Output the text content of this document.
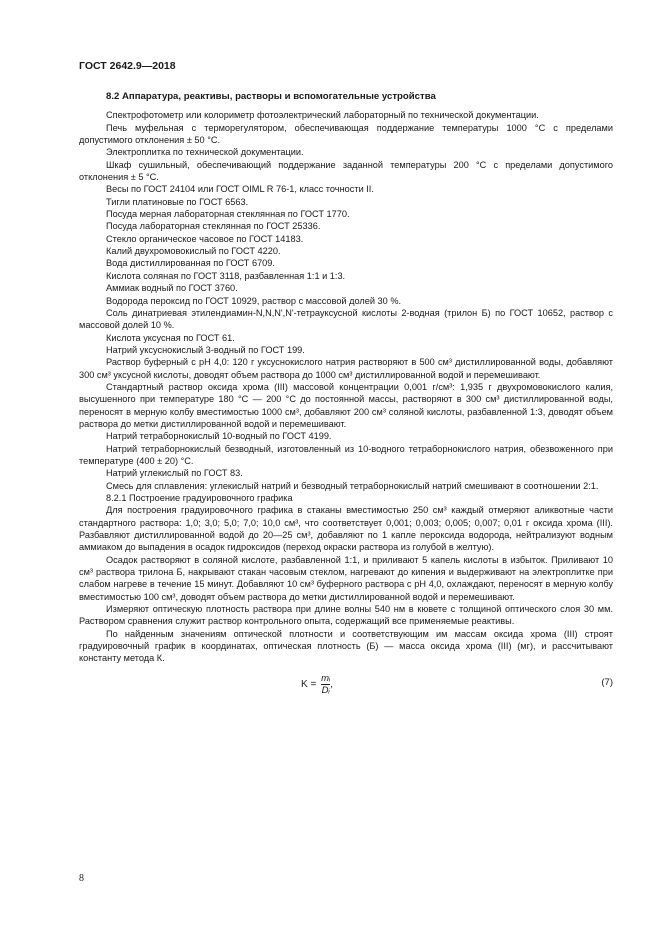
ГОСТ 2642.9—2018

8.2 Аппаратура, реактивы, растворы и вспомогательные устройства

Спектрофотометр или колориметр фотоэлектрический лабораторный по технической документации.

Печь муфельная с терморегулятором, обеспечивающая поддержание температуры 1000 °С с пределами допустимого отклонения ± 50 °С.

Электроплитка по технической документации.

Шкаф сушильный, обеспечивающий поддержание заданной температуры 200 °С с пределами допустимого отклонения ± 5 °С.

Весы по ГОСТ 24104 или ГОСТ OIML R 76-1, класс точности II.

Тигли платиновые по ГОСТ 6563.

Посуда мерная лабораторная стеклянная по ГОСТ 1770.

Посуда лабораторная стеклянная по ГОСТ 25336.

Стекло органическое часовое по ГОСТ 14183.

Калий двухромовокислый по ГОСТ 4220.

Вода дистиллированная по ГОСТ 6709.

Кислота соляная по ГОСТ 3118, разбавленная 1:1 и 1:3.

Аммиак водный по ГОСТ 3760.

Водорода пероксид по ГОСТ 10929, раствор с массовой долей 30 %.

Соль динатриевая этилендиамин-N,N,N',N'-тетрауксусной кислоты 2-водная (трилон Б) по ГОСТ 10652, раствор с массовой долей 10 %.

Кислота уксусная по ГОСТ 61.

Натрий уксуснокислый 3-водный по ГОСТ 199.

Раствор буферный с рН 4,0: 120 г уксуснокислого натрия растворяют в 500 см³ дистиллированной воды, добавляют 300 см³ уксусной кислоты, доводят объем раствора до 1000 см³ дистиллированной водой и перемешивают.

Стандартный раствор оксида хрома (III) массовой концентрации 0,001 г/см³: 1,935 г двухромовокислого калия, высушенного при температуре 180 °С — 200 °С до постоянной массы, растворяют в 300 см³ дистиллированной воды, переносят в мерную колбу вместимостью 1000 см³, добавляют 200 см³ соляной кислоты, разбавленной 1:3, доводят объем раствора до метки дистиллированной водой и перемешивают.

Натрий тетраборнокислый 10-водный по ГОСТ 4199.

Натрий тетраборнокислый безводный, изготовленный из 10-водного тетраборнокислого натрия, обезвоженного при температуре (400 ± 20) °С.

Натрий углекислый по ГОСТ 83.

Смесь для сплавления: углекислый натрий и безводный тетраборнокислый натрий смешивают в соотношении 2:1.

8.2.1 Построение градуировочного графика

Для построения градуировочного графика в стаканы вместимостью 250 см³ каждый отмеряют аликвотные части стандартного раствора: 1,0; 3,0; 5,0; 7,0; 10,0 см³, что соответствует 0,001; 0,003; 0,005; 0,007; 0,01 г оксида хрома (III). Разбавляют дистиллированной водой до 20—25 см³, добавляют по 1 капле пероксида водорода, нейтрализуют водным аммиаком до выпадения в осадок гидроксидов (переход окраски раствора из голубой в желтую).

Осадок растворяют в соляной кислоте, разбавленной 1:1, и приливают 5 капель кислоты в избыток. Приливают 10 см³ раствора трилона Б, накрывают стакан часовым стеклом, нагревают до кипения и выдерживают на электроплитке при слабом нагреве в течение 15 минут. Добавляют 10 см³ буферного раствора с рН 4,0, охлаждают, переносят в мерную колбу вместимостью 100 см³, доводят объем раствора до метки дистиллированной водой и перемешивают.

Измеряют оптическую плотность раствора при длине волны 540 нм в кювете с толщиной оптического слоя 30 мм. Раствором сравнения служит раствор контрольного опыта, содержащий все применяемые реактивы.

По найденным значениям оптической плотности и соответствующим им массам оксида хрома (III) строят градуировочный график в координатах, оптическая плотность (Б) — масса оксида хрома (III) (мг), и рассчитывают константу метода К.

$K = \frac{\text{mᵢ}}{\text{Dᵢ}}$ ,	(7)
8
